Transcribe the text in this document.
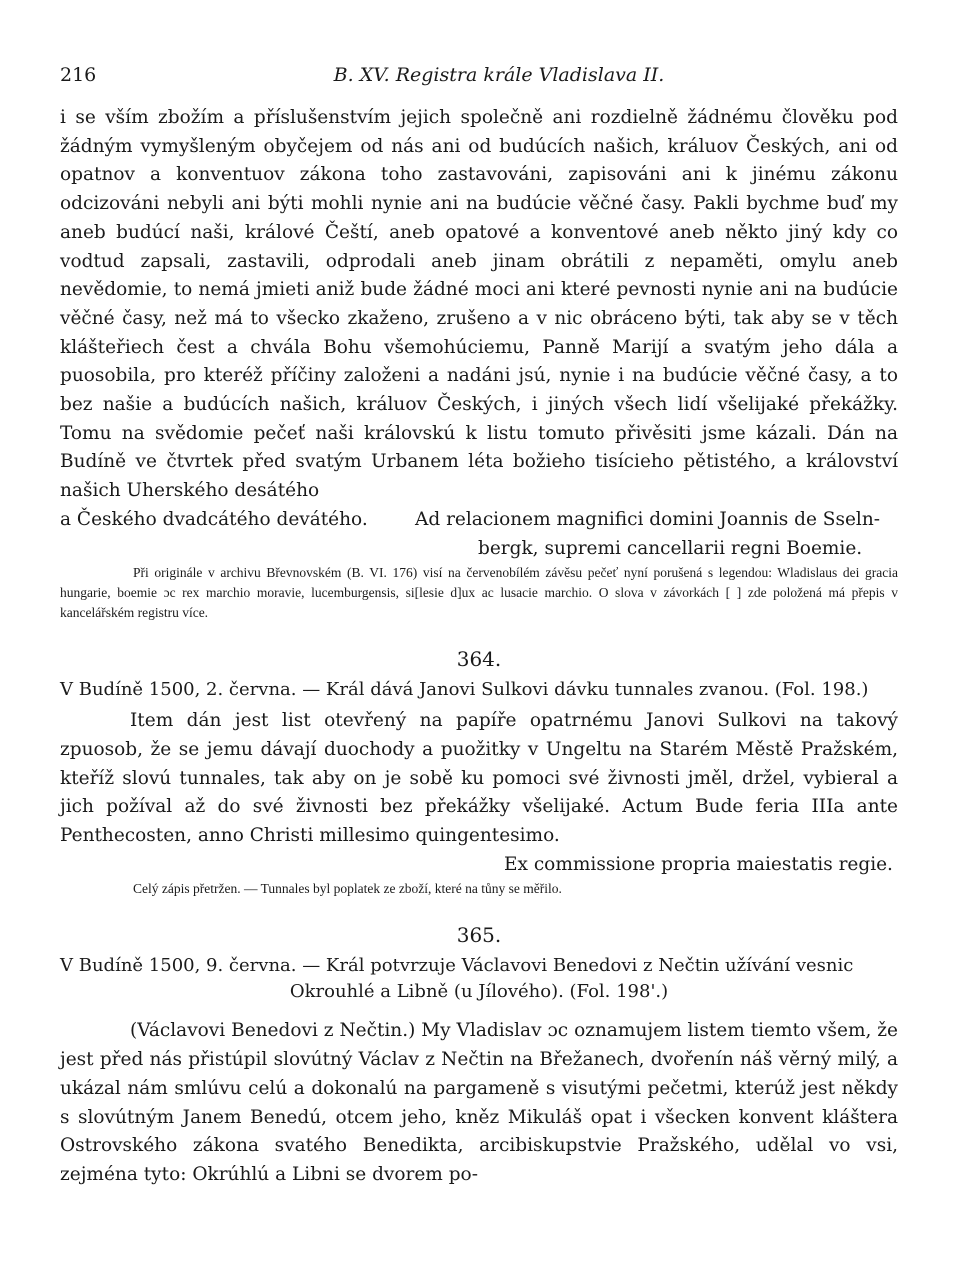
216	B. XV. Registra krále Vladislava II.

i se vším zbožím a příslušenstvím jejich společně ani rozdielně žádnému člověku pod žádným vymyšleným obyčejem od nás ani od budúcích našich, králuov Českých, ani od opatnov a konventuov zákona toho zastavováni, zapisováni ani k jinému zákonu odcizováni nebyli ani býti mohli nynie ani na budúcie věčné časy. Pakli bychme buď my aneb budúcí naši, králové Čeští, aneb opatové a konventové aneb někto jiný kdy co vodtud zapsali, zastavili, odprodali aneb jinam obrátili z nepaměti, omylu aneb nevědomie, to nemá jmieti aniž bude žádné moci ani které pevnosti nynie ani na budúcie věčné časy, než má to všecko zkaženo, zrušeno a v nic obráceno býti, tak aby se v těch klášteřiech čest a chvála Bohu všemohúciemu, Panně Marijí a svatým jeho dála a puosobila, pro kteréž příčiny založeni a nadáni jsú, nynie i na budúcie věčné časy, a to bez našie a budúcích našich, králuov Českých, i jiných všech lidí všelijaké překážky. Tomu na svědomie pečeť naši královskú k listu tomuto přivěsiti jsme kázali. Dán na Budíně ve čtvrtek před svatým Urbanem léta božieho tisícieho pětistého, a království našich Uherského desátého

a Českého dvadcátého devátého.	Ad relacionem magnifici domini Joannis de Sseln-
bergk, supremi cancellarii regni Boemie.

Při originále v archivu Břevnovském (B. VI. 176) visí na červenobílém závěsu pečeť nyní porušená s legendou: Wladislaus dei gracia hungarie, boemie ɔc rex marchio moravie, lucemburgensis, si[lesie d]ux ac lusacie marchio. O slova v závorkách [ ] zde položená má přepis v kancelářském registru více.

364.

V Budíně 1500, 2. června. — Král dává Janovi Sulkovi dávku tunnales zvanou. (Fol. 198.)

Item dán jest list otevřený na papíře opatrnému Janovi Sulkovi na takový zpuosob, že se jemu dávají duochody a puožitky v Ungeltu na Starém Městě Pražském, kteříž slovú tunnales, tak aby on je sobě ku pomoci své živnosti jměl, držel, vybieral a jich požíval až do své živnosti bez překážky všelijaké. Actum Bude feria IIIa ante Penthecosten, anno Christi millesimo quingentesimo.

Ex commissione propria maiestatis regie.

Celý zápis přetržen. — Tunnales byl poplatek ze zboží, které na tůny se měřilo.

365.

V Budíně 1500, 9. června. — Král potvrzuje Václavovi Benedovi z Nečtin užívání vesnic

Okrouhlé a Libně (u Jílového). (Fol. 198'.)

(Václavovi Benedovi z Nečtin.) My Vladislav ɔc oznamujem listem tiemto všem, že jest před nás přistúpil slovútný Václav z Nečtin na Břežanech, dvořenín náš věrný milý, a ukázal nám smlúvu celú a dokonalú na pargameně s visutými pečetmi, kterúž jest někdy s slovútným Janem Benedú, otcem jeho, kněz Mikuláš opat i všecken konvent kláštera Ostrovského zákona svatého Benedikta, arcibiskupstvie Pražského, udělal vo vsi, zejména tyto: Okrúhlú a Libni se dvorem po-
